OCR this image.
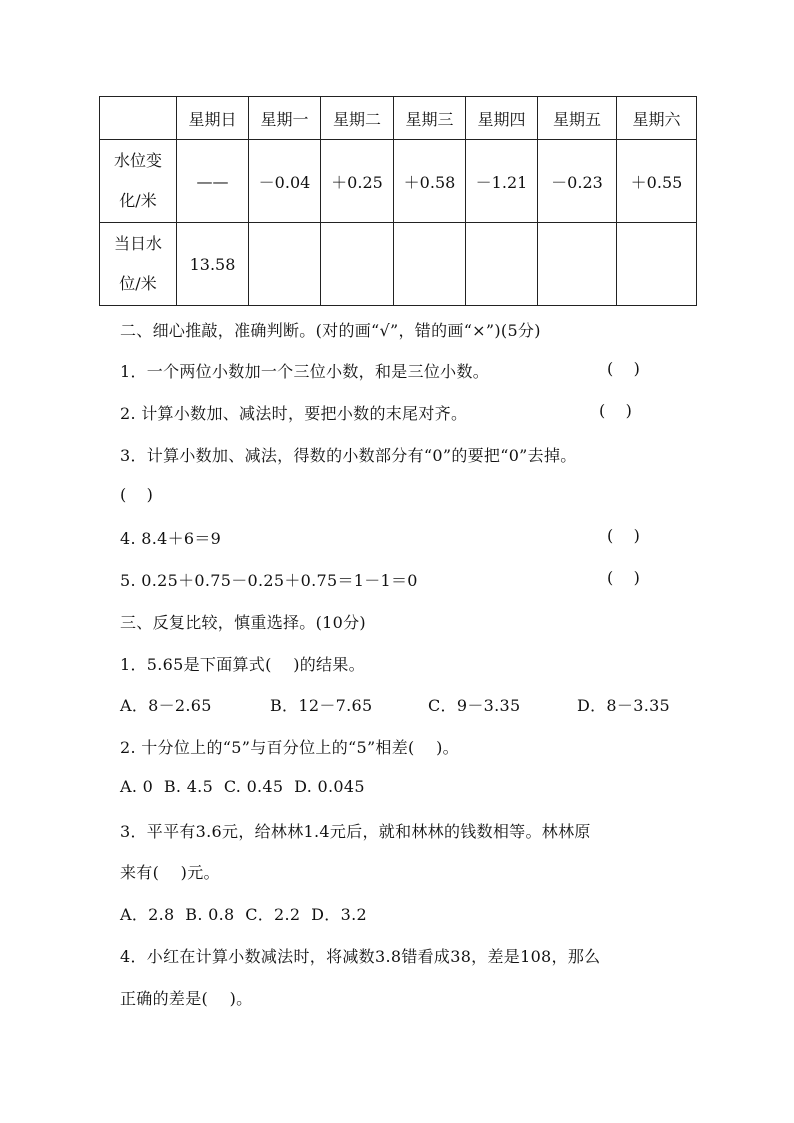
	星期日	星期一	星期二	星期三	星期四	星期五	星期六

水位变
化/米	——	－0.04	＋0.25	＋0.58	－1.21	－0.23	＋0.55

当日水
位/米	13.58						
二、细心推敲，准确判断。(对的画“√”，错的画“×”)(5分)
1．一个两位小数加一个三位小数，和是三位小数。	(    )
2. 计算小数加、减法时，要把小数的末尾对齐。	(    )
3．计算小数加、减法，得数的小数部分有“0”的要把“0”去掉。
(    )
4. 8.4＋6＝9	(    )
5. 0.25＋0.75－0.25＋0.75＝1－1＝0	(    )
三、反复比较，慎重选择。(10分)
1．5.65是下面算式(    )的结果。
A．8－2.65	B．12－7.65	C．9－3.35	D．8－3.35
2. 十分位上的“5”与百分位上的“5”相差(    )。
A. 0  B. 4.5  C. 0.45  D. 0.045
3．平平有3.6元，给林林1.4元后，就和林林的钱数相等。林林原
来有(    )元。
A．2.8  B. 0.8  C．2.2  D．3.2
4．小红在计算小数减法时，将减数3.8错看成38，差是108，那么
正确的差是(    )。
